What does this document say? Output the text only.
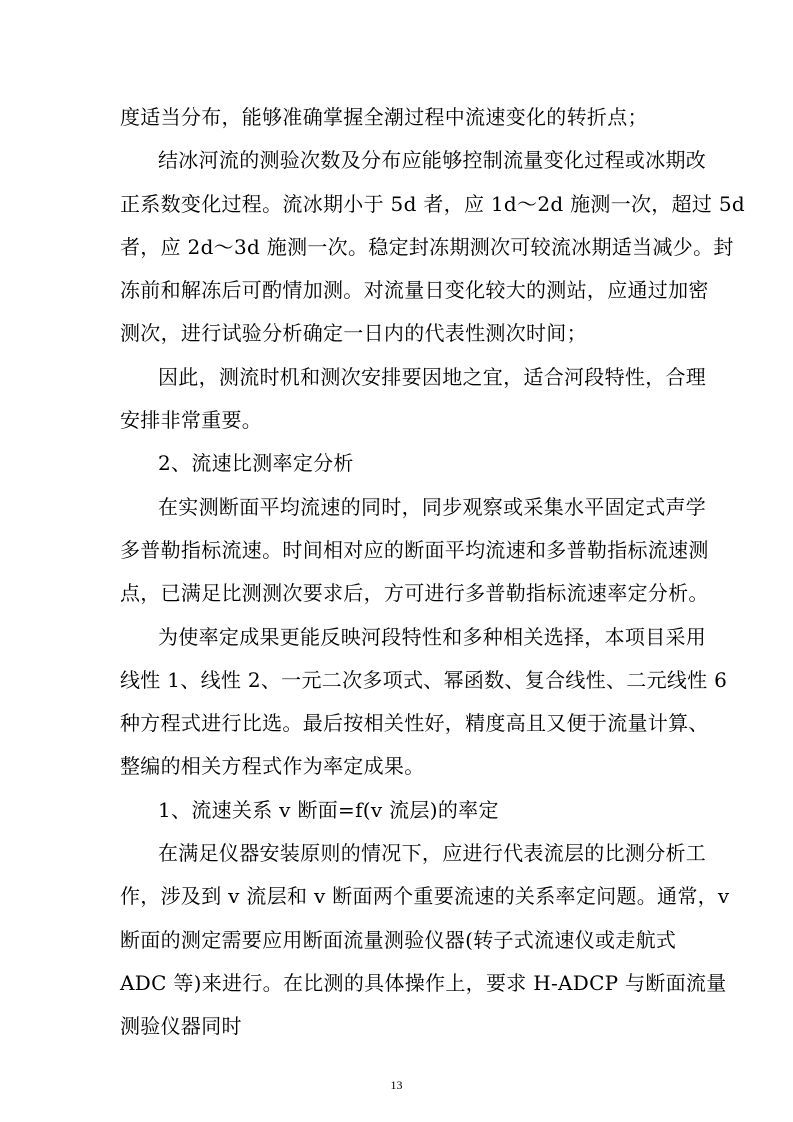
度适当分布，能够准确掌握全潮过程中流速变化的转折点；
结冰河流的测验次数及分布应能够控制流量变化过程或冰期改
正系数变化过程。流冰期小于 5d 者，应 1d～2d 施测一次，超过 5d
者，应 2d～3d 施测一次。稳定封冻期测次可较流冰期适当减少。封
冻前和解冻后可酌情加测。对流量日变化较大的测站，应通过加密
测次，进行试验分析确定一日内的代表性测次时间；
因此，测流时机和测次安排要因地之宜，适合河段特性，合理
安排非常重要。
2、流速比测率定分析
在实测断面平均流速的同时，同步观察或采集水平固定式声学
多普勒指标流速。时间相对应的断面平均流速和多普勒指标流速测
点，已满足比测测次要求后，方可进行多普勒指标流速率定分析。
为使率定成果更能反映河段特性和多种相关选择，本项目采用
线性 1、线性 2、一元二次多项式、幂函数、复合线性、二元线性 6
种方程式进行比选。最后按相关性好，精度高且又便于流量计算、
整编的相关方程式作为率定成果。
1、流速关系 v 断面=f(v 流层)的率定
在满足仪器安装原则的情况下，应进行代表流层的比测分析工
作，涉及到 v 流层和 v 断面两个重要流速的关系率定问题。通常，v
断面的测定需要应用断面流量测验仪器(转子式流速仪或走航式
ADC 等)来进行。在比测的具体操作上，要求 H-ADCP 与断面流量
测验仪器同时
13
